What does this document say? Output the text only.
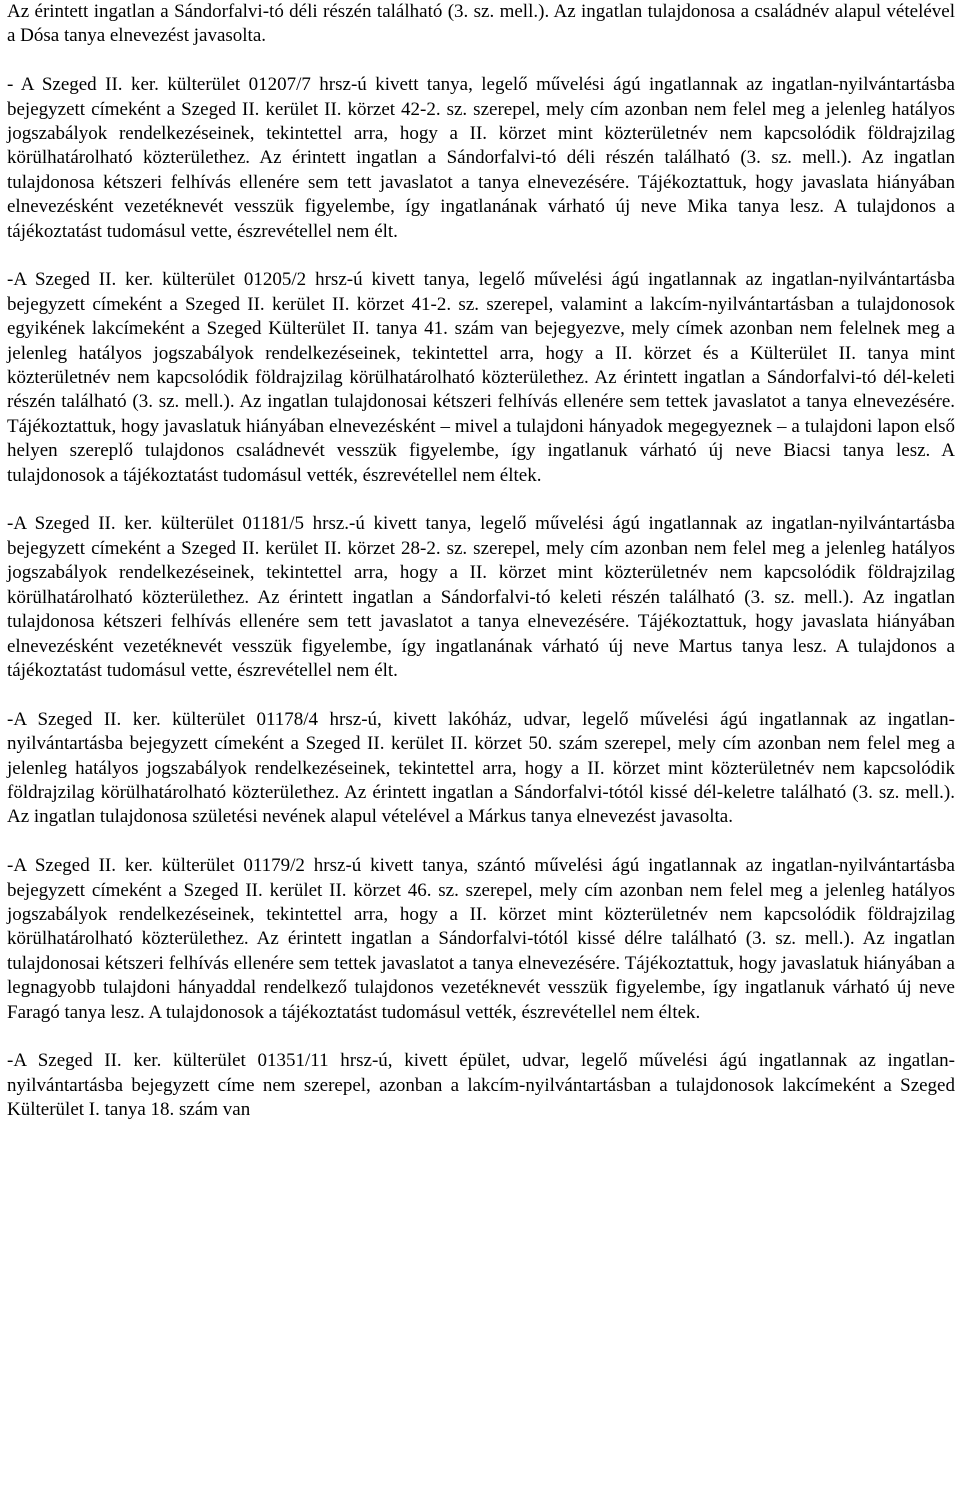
Az érintett ingatlan a Sándorfalvi-tó déli részén található (3. sz. mell.). Az ingatlan tulajdonosa a családnév alapul vételével a Dósa tanya elnevezést javasolta.

- A Szeged II. ker. külterület 01207/7 hrsz-ú kivett tanya, legelő művelési ágú ingatlannak az ingatlan-nyilvántartásba bejegyzett címeként a Szeged II. kerület II. körzet 42-2. sz. szerepel, mely cím azonban nem felel meg a jelenleg hatályos jogszabályok rendelkezéseinek, tekintettel arra, hogy a II. körzet mint közterületnév nem kapcsolódik földrajzilag körülhatárolható közterülethez. Az érintett ingatlan a Sándorfalvi-tó déli részén található (3. sz. mell.). Az ingatlan tulajdonosa kétszeri felhívás ellenére sem tett javaslatot a tanya elnevezésére. Tájékoztattuk, hogy javaslata hiányában elnevezésként vezetéknevét vesszük figyelembe, így ingatlanának várható új neve Mika tanya lesz. A tulajdonos a tájékoztatást tudomásul vette, észrevétellel nem élt.

-A Szeged II. ker. külterület 01205/2 hrsz-ú kivett tanya, legelő művelési ágú ingatlannak az ingatlan-nyilvántartásba bejegyzett címeként a Szeged II. kerület II. körzet 41-2. sz. szerepel, valamint a lakcím-nyilvántartásban a tulajdonosok egyikének lakcímeként a Szeged Külterület II. tanya 41. szám van bejegyezve, mely címek azonban nem felelnek meg a jelenleg hatályos jogszabályok rendelkezéseinek, tekintettel arra, hogy a II. körzet és a Külterület II. tanya mint közterületnév nem kapcsolódik földrajzilag körülhatárolható közterülethez. Az érintett ingatlan a Sándorfalvi-tó dél-keleti részén található (3. sz. mell.). Az ingatlan tulajdonosai kétszeri felhívás ellenére sem tettek javaslatot a tanya elnevezésére. Tájékoztattuk, hogy javaslatuk hiányában elnevezésként – mivel a tulajdoni hányadok megegyeznek – a tulajdoni lapon első helyen szereplő tulajdonos családnevét vesszük figyelembe, így ingatlanuk várható új neve Biacsi tanya lesz. A tulajdonosok a tájékoztatást tudomásul vették, észrevétellel nem éltek.

-A Szeged II. ker. külterület 01181/5 hrsz.-ú kivett tanya, legelő művelési ágú ingatlannak az ingatlan-nyilvántartásba bejegyzett címeként a Szeged II. kerület II. körzet 28-2. sz. szerepel, mely cím azonban nem felel meg a jelenleg hatályos jogszabályok rendelkezéseinek, tekintettel arra, hogy a II. körzet mint közterületnév nem kapcsolódik földrajzilag körülhatárolható közterülethez. Az érintett ingatlan a Sándorfalvi-tó keleti részén található (3. sz. mell.). Az ingatlan tulajdonosa kétszeri felhívás ellenére sem tett javaslatot a tanya elnevezésére. Tájékoztattuk, hogy javaslata hiányában elnevezésként vezetéknevét vesszük figyelembe, így ingatlanának várható új neve Martus tanya lesz. A tulajdonos a tájékoztatást tudomásul vette, észrevétellel nem élt.

-A Szeged II. ker. külterület 01178/4 hrsz-ú, kivett lakóház, udvar, legelő művelési ágú ingatlannak az ingatlan-nyilvántartásba bejegyzett címeként a Szeged II. kerület II. körzet 50. szám szerepel, mely cím azonban nem felel meg a jelenleg hatályos jogszabályok rendelkezéseinek, tekintettel arra, hogy a II. körzet mint közterületnév nem kapcsolódik földrajzilag körülhatárolható közterülethez. Az érintett ingatlan a Sándorfalvi-tótól kissé dél-keletre található (3. sz. mell.). Az ingatlan tulajdonosa születési nevének alapul vételével a Márkus tanya elnevezést javasolta.

-A Szeged II. ker. külterület 01179/2 hrsz-ú kivett tanya, szántó művelési ágú ingatlannak az ingatlan-nyilvántartásba bejegyzett címeként a Szeged II. kerület II. körzet 46. sz. szerepel, mely cím azonban nem felel meg a jelenleg hatályos jogszabályok rendelkezéseinek, tekintettel arra, hogy a II. körzet mint közterületnév nem kapcsolódik földrajzilag körülhatárolható közterülethez. Az érintett ingatlan a Sándorfalvi-tótól kissé délre található (3. sz. mell.). Az ingatlan tulajdonosai kétszeri felhívás ellenére sem tettek javaslatot a tanya elnevezésére. Tájékoztattuk, hogy javaslatuk hiányában a legnagyobb tulajdoni hányaddal rendelkező tulajdonos vezetéknevét vesszük figyelembe, így ingatlanuk várható új neve Faragó tanya lesz. A tulajdonosok a tájékoztatást tudomásul vették, észrevétellel nem éltek.

-A Szeged II. ker. külterület 01351/11 hrsz-ú, kivett épület, udvar, legelő művelési ágú ingatlannak az ingatlan-nyilvántartásba bejegyzett címe nem szerepel, azonban a lakcím-nyilvántartásban a tulajdonosok lakcímeként a Szeged Külterület I. tanya 18. szám van
